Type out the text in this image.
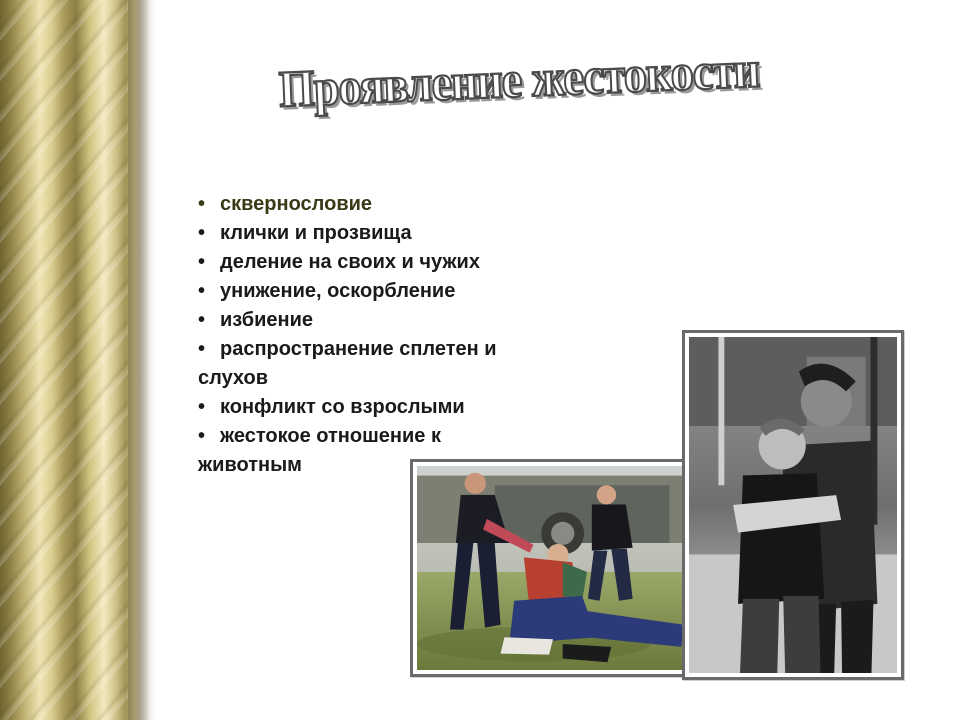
Проявление жестокости
• сквернословие
• клички и прозвища
• деление на своих и чужих
• унижение, оскорбление
• избиение
• распространение сплетен и
слухов
• конфликт со взрослыми
• жестокое отношение к
животным
